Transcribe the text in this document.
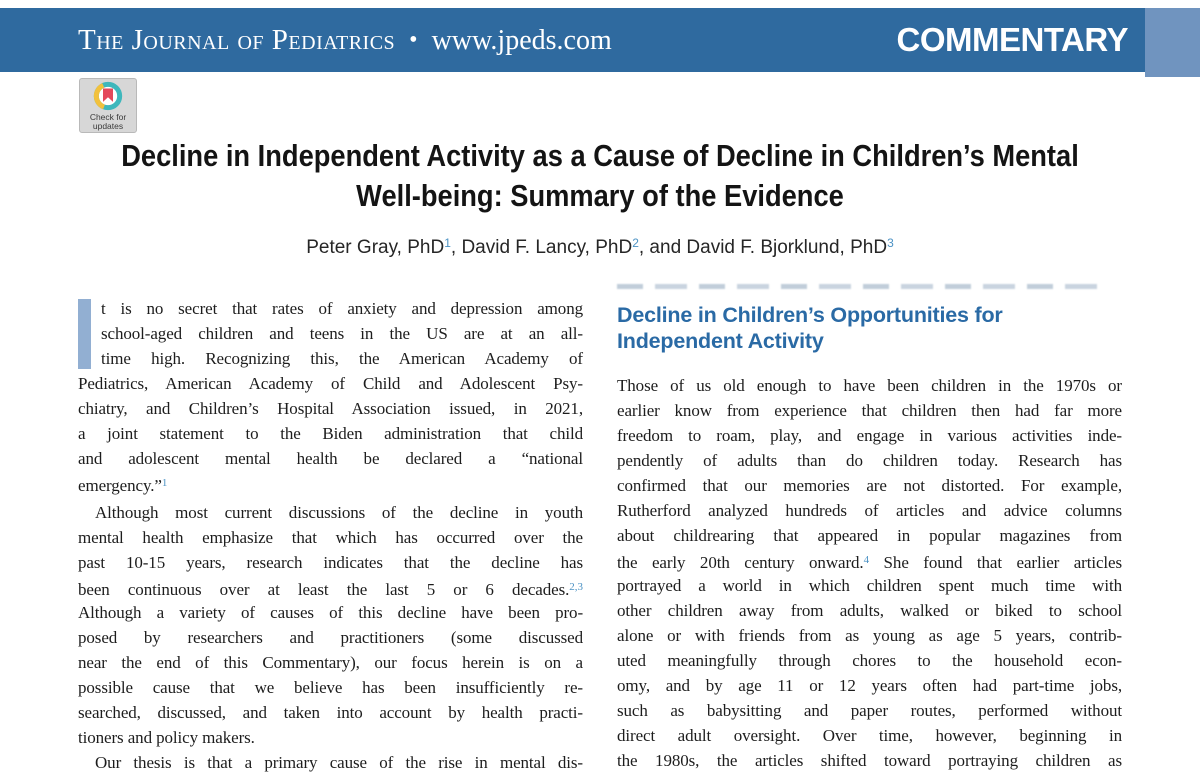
The Journal of Pediatrics • www.jpeds.com	COMMENTARY
Check for
updates
Decline in Independent Activity as a Cause of Decline in Children’s Mental
Well-being: Summary of the Evidence
Peter Gray, PhD$^1$, David F. Lancy, PhD$^2$, and David F. Bjorklund, PhD$^3$
t is no secret that rates of anxiety and depression among
school-aged children and teens in the US are at an all-
time high. Recognizing this, the American Academy of
Pediatrics, American Academy of Child and Adolescent Psy-
chiatry, and Children’s Hospital Association issued, in 2021,
a joint statement to the Biden administration that child
and adolescent mental health be declared a “national
emergency.”$^1$
Although most current discussions of the decline in youth
mental health emphasize that which has occurred over the
past 10-15 years, research indicates that the decline has
been continuous over at least the last 5 or 6 decades.$^{2,3}$
Although a variety of causes of this decline have been pro-
posed by researchers and practitioners (some discussed
near the end of this Commentary), our focus herein is on a
possible cause that we believe has been insufficiently re-
searched, discussed, and taken into account by health practi-
tioners and policy makers.
Our thesis is that a primary cause of the rise in mental dis-
Decline in Children’s Opportunities for
Independent Activity
Those of us old enough to have been children in the 1970s or
earlier know from experience that children then had far more
freedom to roam, play, and engage in various activities inde-
pendently of adults than do children today. Research has
confirmed that our memories are not distorted. For example,
Rutherford analyzed hundreds of articles and advice columns
about childrearing that appeared in popular magazines from
the early 20th century onward.$^4$ She found that earlier articles
portrayed a world in which children spent much time with
other children away from adults, walked or biked to school
alone or with friends from as young as age 5 years, contrib-
uted meaningfully through chores to the household econ-
omy, and by age 11 or 12 years often had part-time jobs,
such as babysitting and paper routes, performed without
direct adult oversight. Over time, however, beginning in
the 1980s, the articles shifted toward portraying children as
